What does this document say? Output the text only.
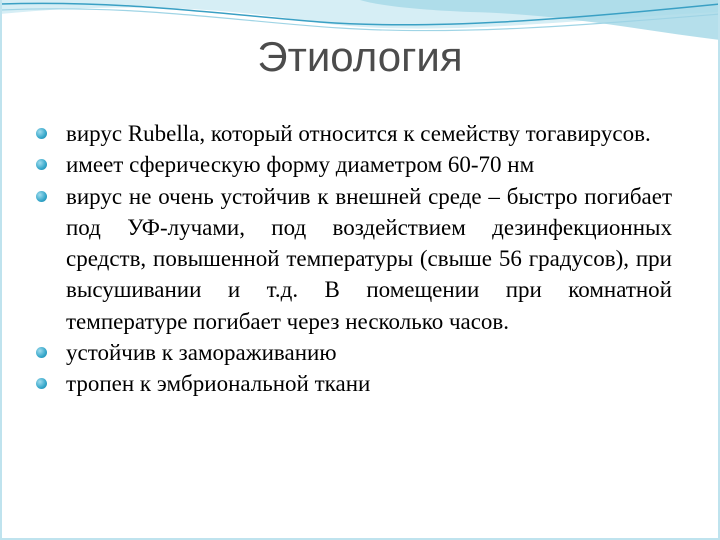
Этиология
вирус Rubella, который относится к семейству тогавирусов.
имеет сферическую форму диаметром 60-70 нм
вирус не очень устойчив к внешней среде – быстро погибает под УФ-лучами, под воздействием дезинфекционных средств, повышенной температуры (свыше 56 градусов), при высушивании и т.д. В помещении при комнатной температуре погибает через несколько часов.
устойчив к замораживанию
тропен к эмбриональной ткани
